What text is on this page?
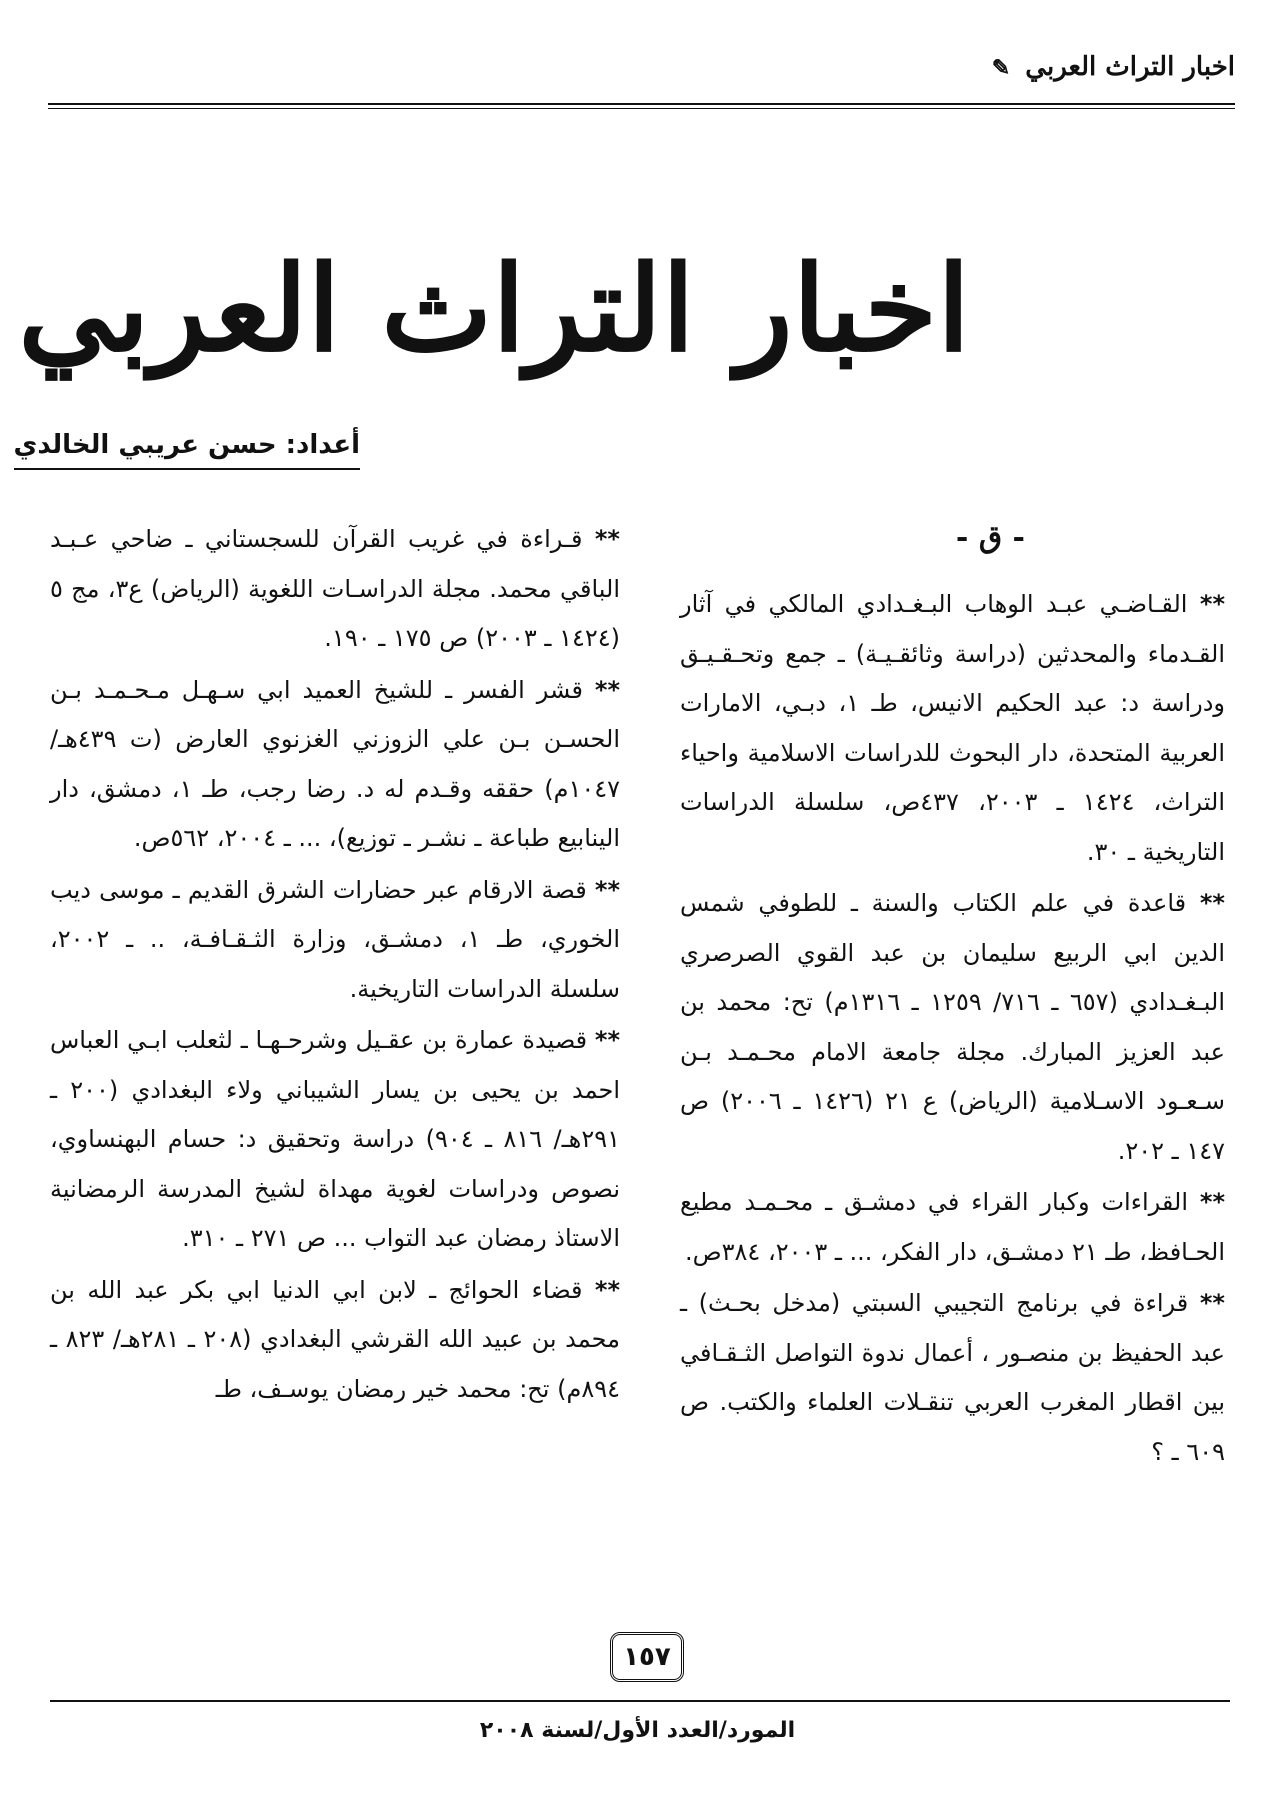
اخبار التراث العربي ✎
اخبار التراث العربي
أعداد: حسن عريبي الخالدي
- ق -

** القـاضـي عبـد الوهاب البـغـدادي المالكي في آثار القـدماء والمحدثين (دراسة وثائقـيـة) ـ جمع وتحـقـيـق ودراسة د: عبد الحكيم الانيس، طـ ١، دبـي، الامارات العربية المتحدة، دار البحوث للدراسات الاسلامية واحياء التراث، ١٤٢٤ ـ ٢٠٠٣، ٤٣٧ص، سلسلة الدراسات التاريخية ـ ٣٠.

** قاعدة في علم الكتاب والسنة ـ للطوفي شمس الدين ابي الربيع سليمان بن عبد القوي الصرصري البـغـدادي (٦٥٧ ـ ٧١٦/ ١٢٥٩ ـ ١٣١٦م) تح: محمد بن عبد العزيز المبارك. مجلة جامعة الامام محـمـد بـن سـعـود الاسـلامية (الرياض) ع ٢١ (١٤٢٦ ـ ٢٠٠٦) ص ١٤٧ ـ ٢٠٢.

** القراءات وكبار القراء في دمشـق ـ محـمـد مطيع الحـافظ، طـ ٢١ دمشـق، دار الفكر، ... ـ ٢٠٠٣، ٣٨٤ص.

** قراءة في برنامج التجيبي السبتي (مدخل بحـث) ـ عبد الحفيظ بن منصـور ، أعمال ندوة التواصل الثـقـافي بين اقطار المغرب العربي تنقـلات العلماء والكتب. ص ٦٠٩ ـ ؟

** قـراءة في غريب القرآن للسجستاني ـ ضاحي عـبـد الباقي محمد. مجلة الدراسـات اللغوية (الرياض) ع٣، مج ٥ (١٤٢٤ ـ ٢٠٠٣) ص ١٧٥ ـ ١٩٠.

** قشر الفسر ـ للشيخ العميد ابي سـهـل مـحـمـد بـن الحسـن بـن علي الزوزني الغزنوي العارض (ت ٤٣٩هـ/ ١٠٤٧م) حققه وقـدم له د. رضا رجب، طـ ١، دمشق، دار الينابيع طباعة ـ نشـر ـ توزيع)، ... ـ ٢٠٠٤، ٥٦٢ص.

** قصة الارقام عبر حضارات الشرق القديم ـ موسى ديب الخوري، طـ ١، دمشـق، وزارة الثـقـافـة، .. ـ ٢٠٠٢، سلسلة الدراسات التاريخية.

** قصيدة عمارة بن عقـيل وشرحـهـا ـ لثعلب ابـي العباس احمد بن يحيى بن يسار الشيباني ولاء البغدادي (٢٠٠ ـ ٢٩١هـ/ ٨١٦ ـ ٩٠٤) دراسة وتحقيق د: حسام البهنساوي، نصوص ودراسات لغوية مهداة لشيخ المدرسة الرمضانية الاستاذ رمضان عبد التواب ... ص ٢٧١ ـ ٣١٠.

** قضاء الحوائج ـ لابن ابي الدنيا ابي بكر عبد الله بن محمد بن عبيد الله القرشي البغدادي (٢٠٨ ـ ٢٨١هـ/ ٨٢٣ ـ ٨٩٤م) تح: محمد خير رمضان يوسـف، طـ

١٥٧
المورد/العدد الأول/لسنة ٢٠٠٨
